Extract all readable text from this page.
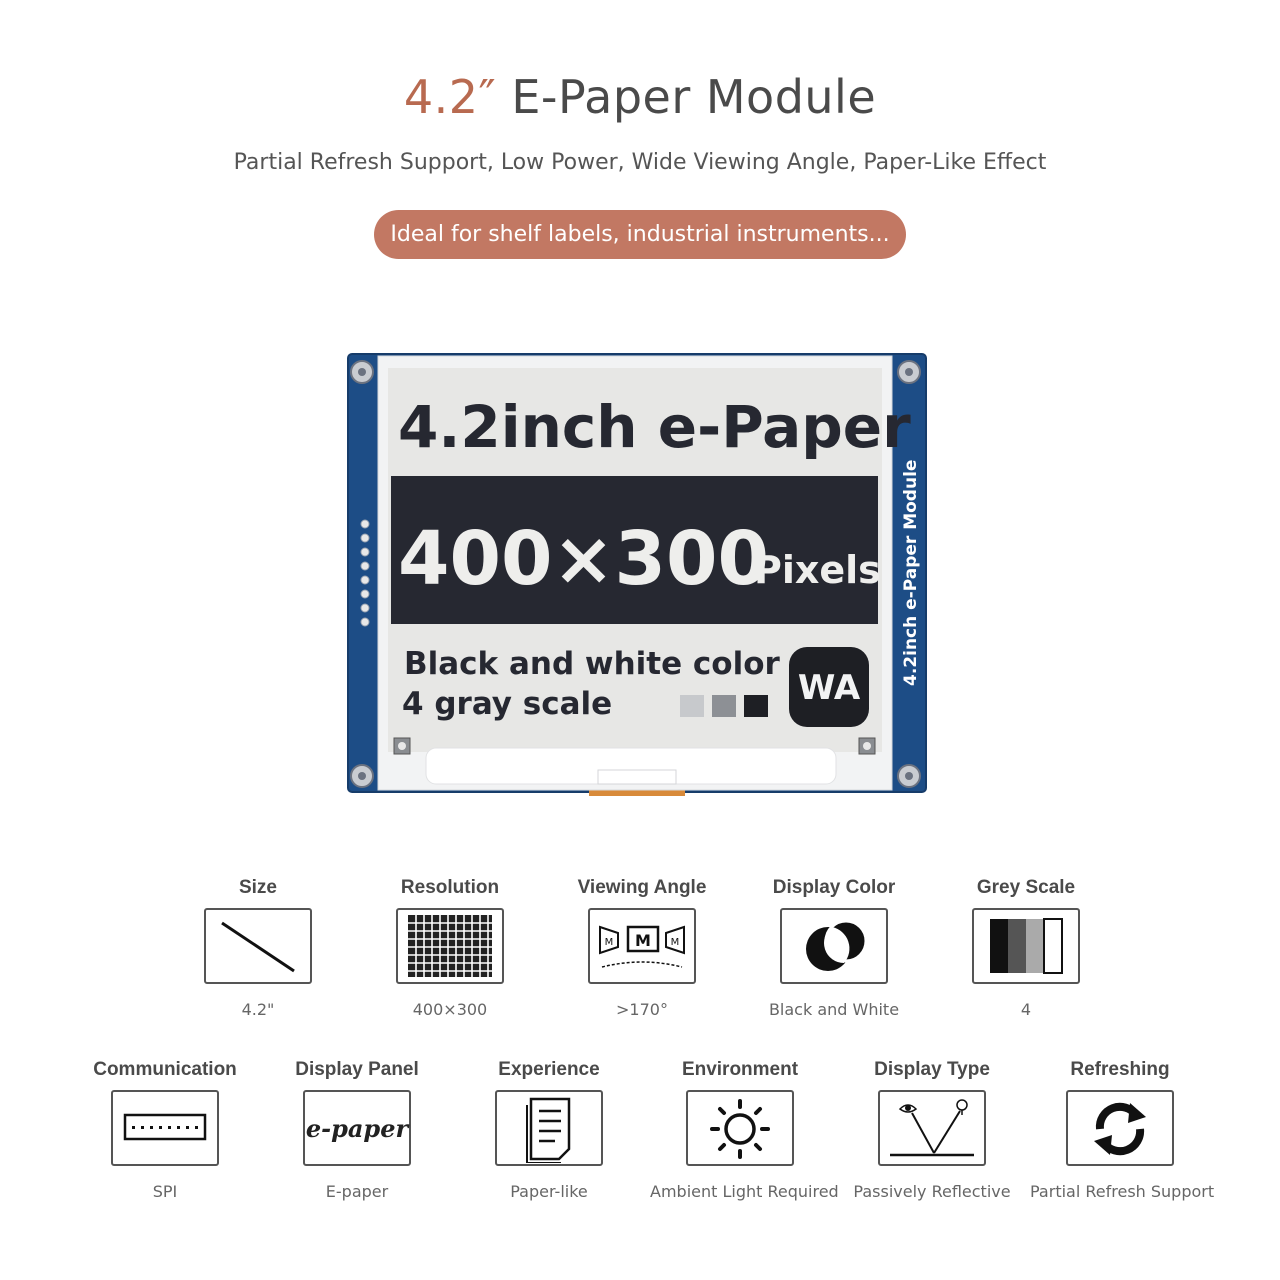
4.2″ E-Paper Module
Partial Refresh Support, Low Power, Wide Viewing Angle, Paper-Like Effect
Ideal for shelf labels, industrial instruments...
WA
4.2inch e-Paper
400×300
Pixels
Black and white color
4 gray scale
4.2inch e-Paper Module
Size
4.2"
Resolution
400×300
Viewing Angle
M
M	M
>170°
Display Color
Black and White
Grey Scale
4
Communication
SPI
Display Panel
e-paper
E-paper
Experience
Paper-like
Environment
Ambient Light Required
Display Type
Passively Reflective
Refreshing
Partial Refresh Support
